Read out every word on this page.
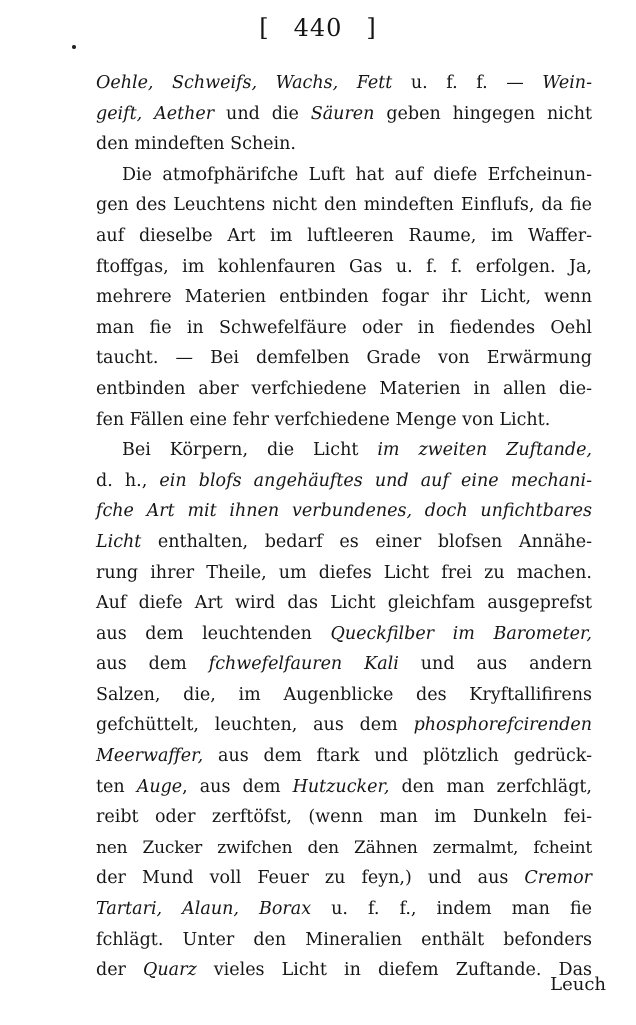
[ 440 ]
Oehle, Schweifs, Wachs, Fett u. f. f. — Wein-
geift, Aether und die Säuren geben hingegen nicht
den mindeften Schein.
Die atmofphärifche Luft hat auf diefe Erfcheinun-
gen des Leuchtens nicht den mindeften Einflufs, da fie
auf dieselbe Art im luftleeren Raume, im Waffer-
ftoffgas, im kohlenfauren Gas u. f. f. erfolgen. Ja,
mehrere Materien entbinden fogar ihr Licht, wenn
man fie in Schwefelfäure oder in fiedendes Oehl
taucht. — Bei demfelben Grade von Erwärmung
entbinden aber verfchiedene Materien in allen die-
fen Fällen eine fehr verfchiedene Menge von Licht.
Bei Körpern, die Licht im zweiten Zuftande,
d. h., ein blofs angehäuftes und auf eine mechani-
fche Art mit ihnen verbundenes, doch unfichtbares
Licht enthalten, bedarf es einer blofsen Annähe-
rung ihrer Theile, um diefes Licht frei zu machen.
Auf diefe Art wird das Licht gleichfam ausgeprefst
aus dem leuchtenden Queckfilber im Barometer,
aus dem fchwefelfauren Kali und aus andern
Salzen, die, im Augenblicke des Kryftallifirens
gefchüttelt, leuchten, aus dem phosphorefcirenden
Meerwaffer, aus dem ftark und plötzlich gedrück-
ten Auge, aus dem Hutzucker, den man zerfchlägt,
reibt oder zerftöfst, (wenn man im Dunkeln fei-
nen Zucker zwifchen den Zähnen zermalmt, fcheint
der Mund voll Feuer zu feyn,) und aus Cremor
Tartari, Alaun, Borax u. f. f., indem man fie
fchlägt. Unter den Mineralien enthält befonders
der Quarz vieles Licht in diefem Zuftande. Das
Leuch
